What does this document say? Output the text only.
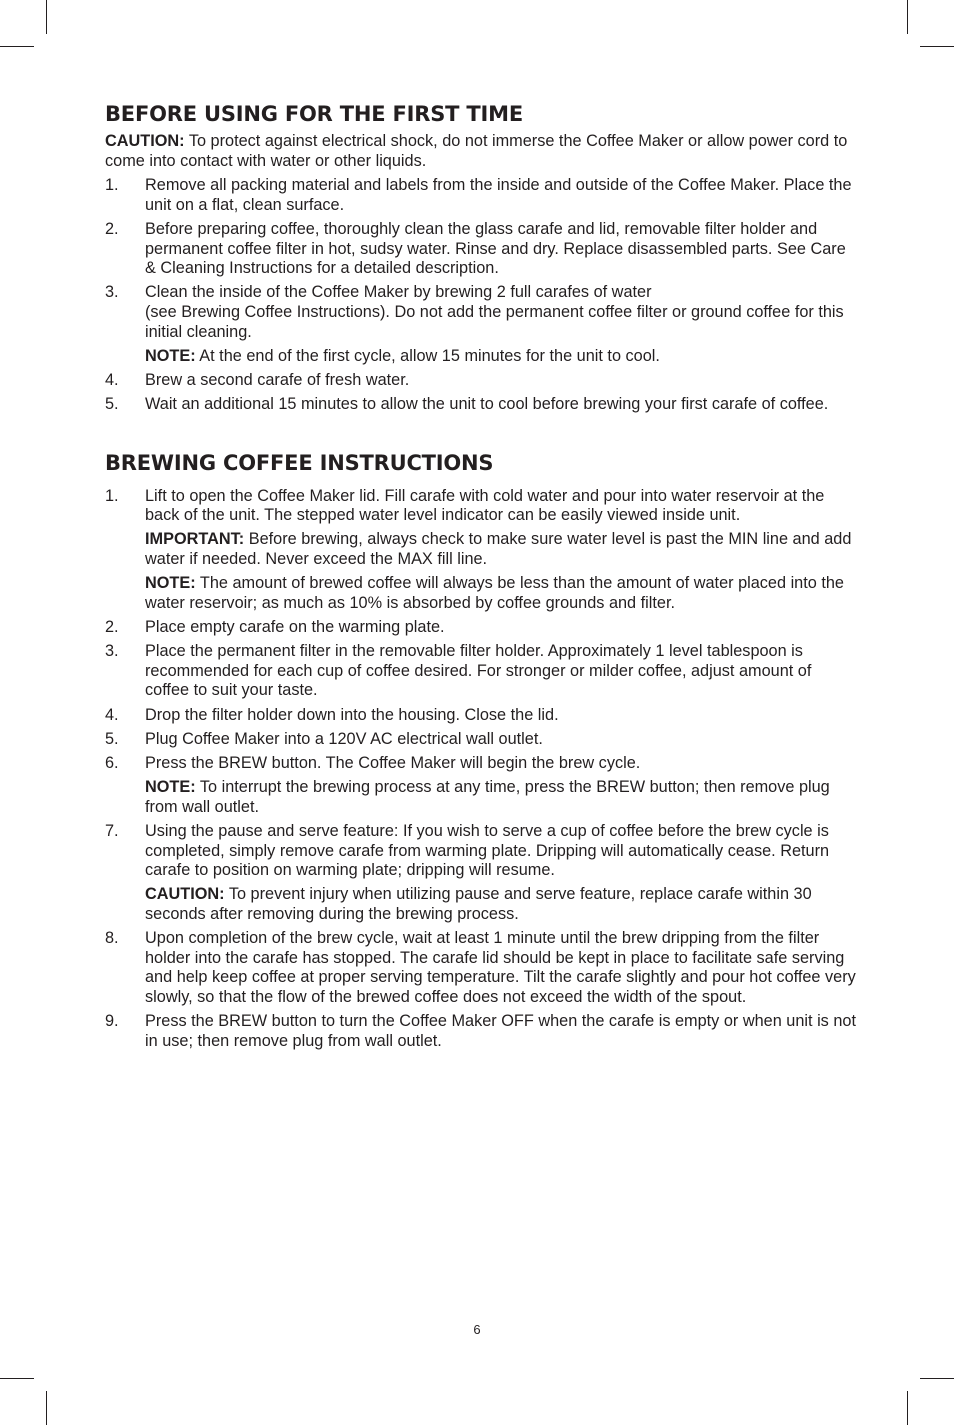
BEFORE USING FOR THE FIRST TIME

CAUTION: To protect against electrical shock, do not immerse the Coffee Maker or allow power cord to come into contact with water or other liquids.

1. Remove all packing material and labels from the inside and outside of the Coffee Maker. Place the unit on a flat, clean surface.
2. Before preparing coffee, thoroughly clean the glass carafe and lid, removable filter holder and permanent coffee filter in hot, sudsy water. Rinse and dry. Replace disassembled parts. See Care & Cleaning Instructions for a detailed description.
3. Clean the inside of the Coffee Maker by brewing 2 full carafes of water
(see Brewing Coffee Instructions). Do not add the permanent coffee filter or ground coffee for this initial cleaning.
NOTE: At the end of the first cycle, allow 15 minutes for the unit to cool.
4. Brew a second carafe of fresh water.
5. Wait an additional 15 minutes to allow the unit to cool before brewing your first carafe of coffee.
BREWING COFFEE INSTRUCTIONS
1. Lift to open the Coffee Maker lid. Fill carafe with cold water and pour into water reservoir at the back of the unit. The stepped water level indicator can be easily viewed inside unit.
IMPORTANT: Before brewing, always check to make sure water level is past the MIN line and add water if needed. Never exceed the MAX fill line.
NOTE: The amount of brewed coffee will always be less than the amount of water placed into the water reservoir; as much as 10% is absorbed by coffee grounds and filter.
2. Place empty carafe on the warming plate.
3. Place the permanent filter in the removable filter holder. Approximately 1 level tablespoon is recommended for each cup of coffee desired. For stronger or milder coffee, adjust amount of coffee to suit your taste.
4. Drop the filter holder down into the housing. Close the lid.
5. Plug Coffee Maker into a 120V AC electrical wall outlet.
6. Press the BREW button. The Coffee Maker will begin the brew cycle.
NOTE: To interrupt the brewing process at any time, press the BREW button; then remove plug from wall outlet.
7. Using the pause and serve feature: If you wish to serve a cup of coffee before the brew cycle is completed, simply remove carafe from warming plate. Dripping will automatically cease. Return carafe to position on warming plate; dripping will resume.
CAUTION: To prevent injury when utilizing pause and serve feature, replace carafe within 30 seconds after removing during the brewing process.
8. Upon completion of the brew cycle, wait at least 1 minute until the brew dripping from the filter holder into the carafe has stopped. The carafe lid should be kept in place to facilitate safe serving and help keep coffee at proper serving temperature. Tilt the carafe slightly and pour hot coffee very slowly, so that the flow of the brewed coffee does not exceed the width of the spout.
9. Press the BREW button to turn the Coffee Maker OFF when the carafe is empty or when unit is not in use; then remove plug from wall outlet.
6
